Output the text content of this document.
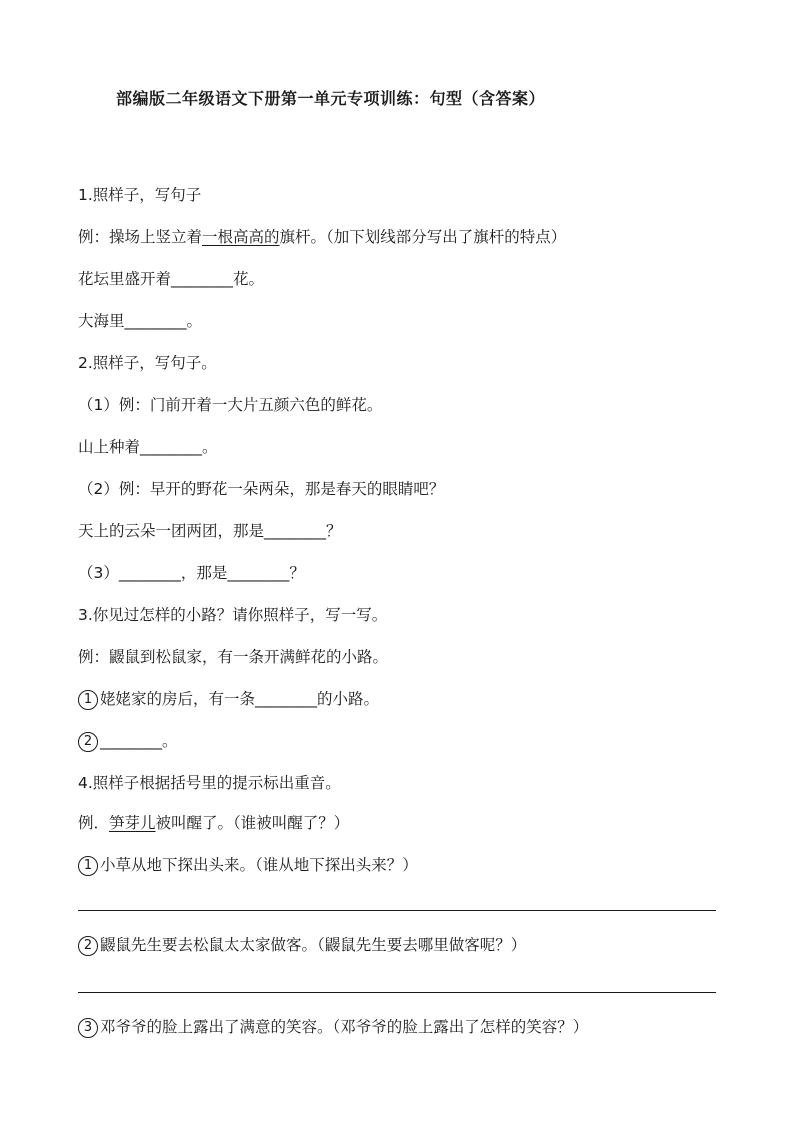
部编版二年级语文下册第一单元专项训练：句型（含答案）
1.照样子，写句子
例：操场上竖立着一根高高的旗杆。（加下划线部分写出了旗杆的特点）
花坛里盛开着________花。
大海里________。
2.照样子，写句子。
（1）例：门前开着一大片五颜六色的鲜花。
山上种着________。
（2）例：早开的野花一朵两朵，那是春天的眼睛吧？
天上的云朵一团两团，那是________？
（3）________，那是________？
3.你见过怎样的小路？请你照样子，写一写。
例：鼹鼠到松鼠家，有一条开满鲜花的小路。
1 姥姥家的房后，有一条________的小路。
2 ________。
4.照样子根据括号里的提示标出重音。
例．笋芽儿被叫醒了。（谁被叫醒了？）
1 小草从地下探出头来。（谁从地下探出头来？）
2 鼹鼠先生要去松鼠太太家做客。（鼹鼠先生要去哪里做客呢？）
3 邓爷爷的脸上露出了满意的笑容。（邓爷爷的脸上露出了怎样的笑容？）
